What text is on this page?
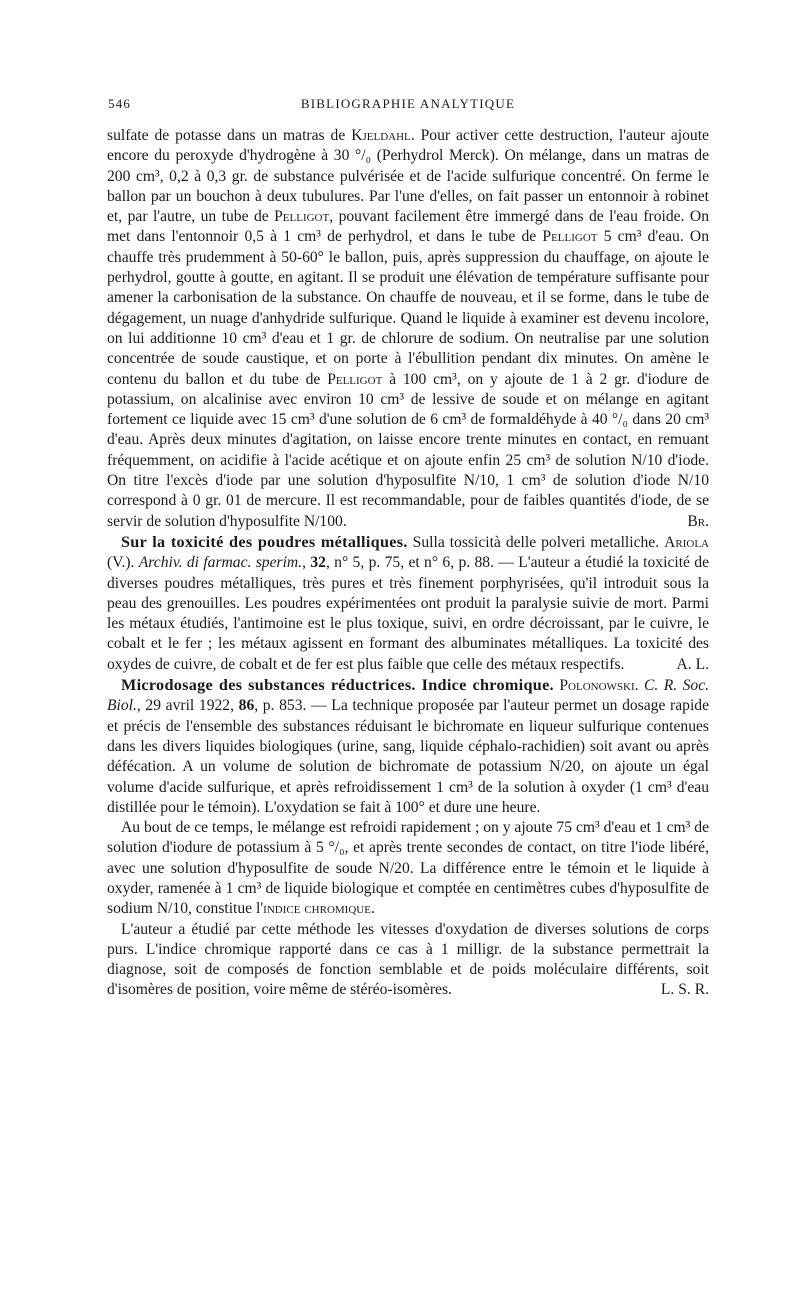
546	BIBLIOGRAPHIE ANALYTIQUE

sulfate de potasse dans un matras de Kjeldahl. Pour activer cette destruction, l'auteur ajoute encore du peroxyde d'hydrogène à 30 °/₀ (Perhydrol Merck). On mélange, dans un matras de 200 cm³, 0,2 à 0,3 gr. de substance pulvérisée et de l'acide sulfurique concentré. On ferme le ballon par un bouchon à deux tubulures. Par l'une d'elles, on fait passer un entonnoir à robinet et, par l'autre, un tube de Pelligot, pouvant facilement être immergé dans de l'eau froide. On met dans l'entonnoir 0,5 à 1 cm³ de perhydrol, et dans le tube de Pelligot 5 cm³ d'eau. On chauffe très prudemment à 50-60° le ballon, puis, après suppression du chauffage, on ajoute le perhydrol, goutte à goutte, en agitant. Il se produit une élévation de température suffisante pour amener la carbonisation de la substance. On chauffe de nouveau, et il se forme, dans le tube de dégagement, un nuage d'anhydride sulfurique. Quand le liquide à examiner est devenu incolore, on lui additionne 10 cm³ d'eau et 1 gr. de chlorure de sodium. On neutralise par une solution concentrée de soude caustique, et on porte à l'ébullition pendant dix minutes. On amène le contenu du ballon et du tube de Pelligot à 100 cm³, on y ajoute de 1 à 2 gr. d'iodure de potassium, on alcalinise avec environ 10 cm³ de lessive de soude et on mélange en agitant fortement ce liquide avec 15 cm³ d'une solution de 6 cm³ de formaldéhyde à 40 °/₀ dans 20 cm³ d'eau. Après deux minutes d'agitation, on laisse encore trente minutes en contact, en remuant fréquemment, on acidifie à l'acide acétique et on ajoute enfin 25 cm³ de solution N/10 d'iode. On titre l'excès d'iode par une solution d'hyposulfite N/10, 1 cm³ de solution d'iode N/10 correspond à 0 gr. 01 de mercure. Il est recommandable, pour de faibles quantités d'iode, de se servir de solution d'hyposulfite N/100.	Br.

Sur la toxicité des poudres métalliques. Sulla tossicità delle polveri metalliche. Ariola (V.). Archiv. di farmac. sperim., 32, n° 5, p. 75, et n° 6, p. 88. — L'auteur a étudié la toxicité de diverses poudres métalliques, très pures et très finement porphyrisées, qu'il introduit sous la peau des grenouilles. Les poudres expérimentées ont produit la paralysie suivie de mort. Parmi les métaux étudiés, l'antimoine est le plus toxique, suivi, en ordre décroissant, par le cuivre, le cobalt et le fer ; les métaux agissent en formant des albuminates métalliques. La toxicité des oxydes de cuivre, de cobalt et de fer est plus faible que celle des métaux respectifs.	A. L.

Microdosage des substances réductrices. Indice chromique. Polonowski. C. R. Soc. Biol., 29 avril 1922, 86, p. 853. — La technique proposée par l'auteur permet un dosage rapide et précis de l'ensemble des substances réduisant le bichromate en liqueur sulfurique contenues dans les divers liquides biologiques (urine, sang, liquide céphalo-rachidien) soit avant ou après défécation. A un volume de solution de bichromate de potassium N/20, on ajoute un égal volume d'acide sulfurique, et après refroidissement 1 cm³ de la solution à oxyder (1 cm³ d'eau distillée pour le témoin). L'oxydation se fait à 100° et dure une heure.

Au bout de ce temps, le mélange est refroidi rapidement ; on y ajoute 75 cm³ d'eau et 1 cm³ de solution d'iodure de potassium à 5 °/₀, et après trente secondes de contact, on titre l'iode libéré, avec une solution d'hyposulfite de soude N/20. La différence entre le témoin et le liquide à oxyder, ramenée à 1 cm³ de liquide biologique et comptée en centimètres cubes d'hyposulfite de sodium N/10, constitue l'indice chromique.

L'auteur a étudié par cette méthode les vitesses d'oxydation de diverses solutions de corps purs. L'indice chromique rapporté dans ce cas à 1 milligr. de la substance permettrait la diagnose, soit de composés de fonction semblable et de poids moléculaire différents, soit d'isomères de position, voire même de stéréo-isomères.	L. S. R.
